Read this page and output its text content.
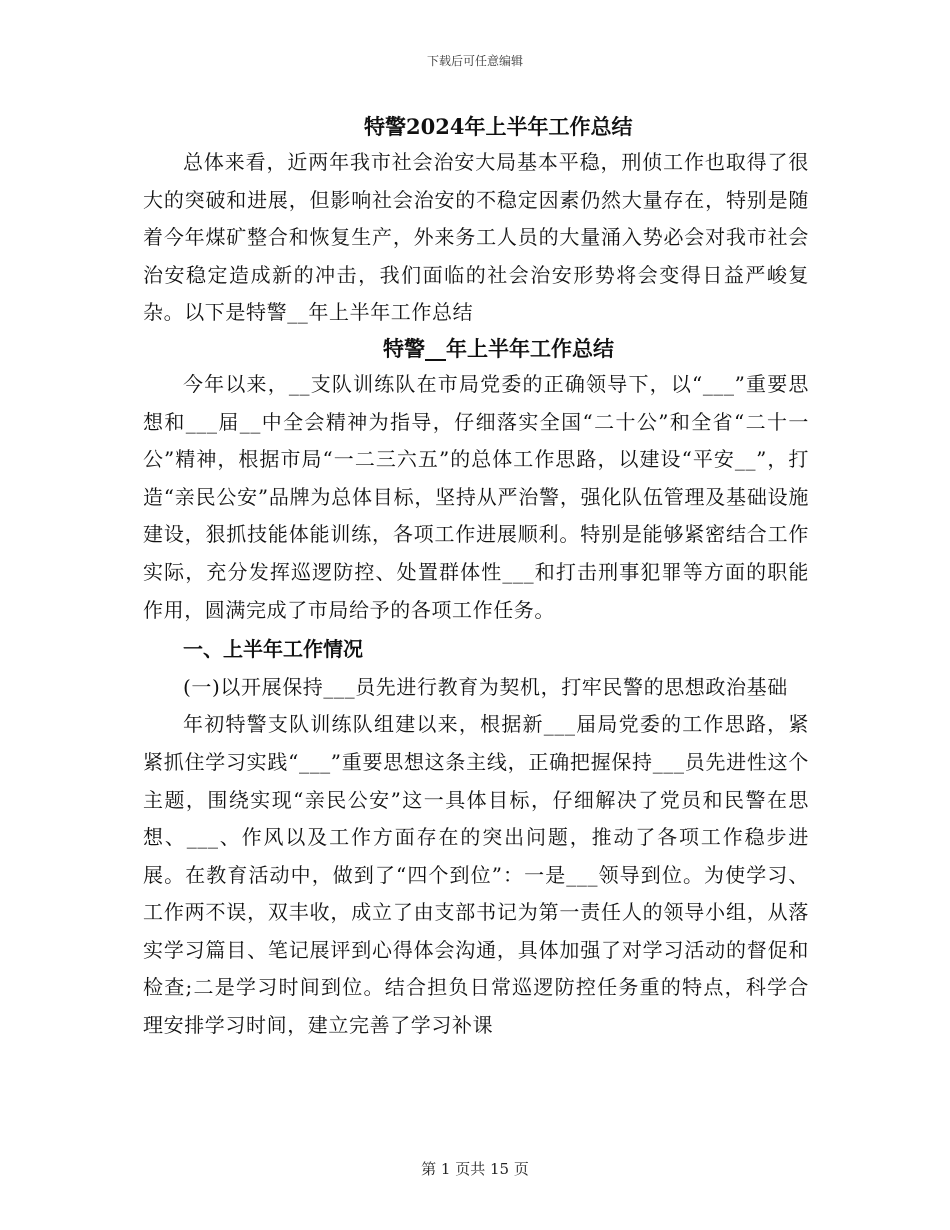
下载后可任意编辑
特警2024年上半年工作总结

总体来看，近两年我市社会治安大局基本平稳，刑侦工作也取得了很大的突破和进展，但影响社会治安的不稳定因素仍然大量存在，特别是随着今年煤矿整合和恢复生产，外来务工人员的大量涌入势必会对我市社会治安稳定造成新的冲击，我们面临的社会治安形势将会变得日益严峻复杂。以下是特警__年上半年工作总结

特警__年上半年工作总结

今年以来，__支队训练队在市局党委的正确领导下，以“___”重要思想和___届__中全会精神为指导，仔细落实全国“二十公”和全省“二十一公”精神，根据市局“一二三六五”的总体工作思路，以建设“平安__”，打造“亲民公安”品牌为总体目标，坚持从严治警，强化队伍管理及基础设施建设，狠抓技能体能训练，各项工作进展顺利。特别是能够紧密结合工作实际，充分发挥巡逻防控、处置群体性___和打击刑事犯罪等方面的职能作用，圆满完成了市局给予的各项工作任务。

一、上半年工作情况

(一)以开展保持___员先进行教育为契机，打牢民警的思想政治基础

年初特警支队训练队组建以来，根据新___届局党委的工作思路，紧紧抓住学习实践“___”重要思想这条主线，正确把握保持___员先进性这个主题，围绕实现“亲民公安”这一具体目标，仔细解决了党员和民警在思想、___、作风以及工作方面存在的突出问题，推动了各项工作稳步进展。在教育活动中，做到了“四个到位”：一是___领导到位。为使学习、工作两不误，双丰收，成立了由支部书记为第一责任人的领导小组，从落实学习篇目、笔记展评到心得体会沟通，具体加强了对学习活动的督促和检查;二是学习时间到位。结合担负日常巡逻防控任务重的特点，科学合理安排学习时间，建立完善了学习补课

第 1 页共 15 页
